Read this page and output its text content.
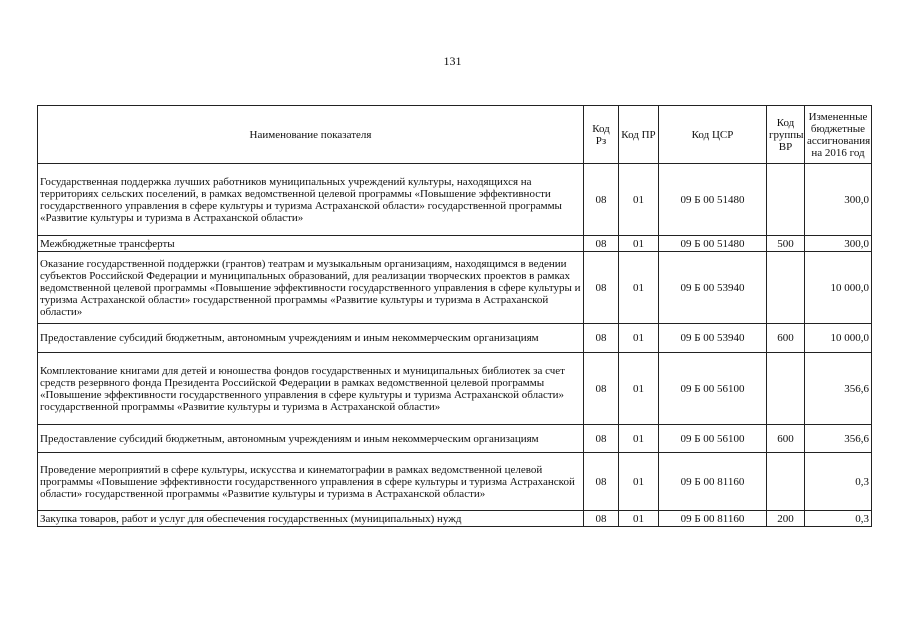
131
Наименование показателя	Код Рз	Код ПР	Код ЦСР	Код группы ВР	Измененные бюджетные ассигнования на 2016 год
Государственная поддержка лучших работников муниципальных учреждений культуры, находящихся на территориях сельских поселений, в рамках ведомственной целевой программы «Повышение эффективности государственного управления в сфере культуры и туризма Астраханской области» государственной программы «Развитие культуры и туризма в Астраханской области»	08	01	09 Б 00 51480		300,0
Межбюджетные трансферты	08	01	09 Б 00 51480	500	300,0
Оказание государственной поддержки (грантов) театрам и музыкальным организациям, находящимся в ведении субъектов Российской Федерации и муниципальных образований, для реализации творческих проектов в рамках ведомственной целевой программы «Повышение эффективности государственного управления в сфере культуры и туризма Астраханской области» государственной программы «Развитие культуры и туризма в Астраханской области»	08	01	09 Б 00 53940		10 000,0
Предоставление субсидий бюджетным, автономным учреждениям и иным некоммерческим организациям	08	01	09 Б 00 53940	600	10 000,0
Комплектование книгами для детей и юношества фондов государственных и муниципальных библиотек за счет средств резервного фонда Президента Российской Федерации в рамках ведомственной целевой программы «Повышение эффективности государственного управления в сфере культуры и туризма Астраханской области» государственной программы «Развитие культуры и туризма в Астраханской области»	08	01	09 Б 00 56100		356,6
Предоставление субсидий бюджетным, автономным учреждениям и иным некоммерческим организациям	08	01	09 Б 00 56100	600	356,6
Проведение мероприятий в сфере культуры, искусства и кинематографии в рамках ведомственной целевой программы «Повышение эффективности государственного управления в сфере культуры и туризма Астраханской области» государственной программы «Развитие культуры и туризма в Астраханской области»	08	01	09 Б 00 81160		0,3
Закупка товаров, работ и услуг для обеспечения государственных (муниципальных) нужд	08	01	09 Б 00 81160	200	0,3
